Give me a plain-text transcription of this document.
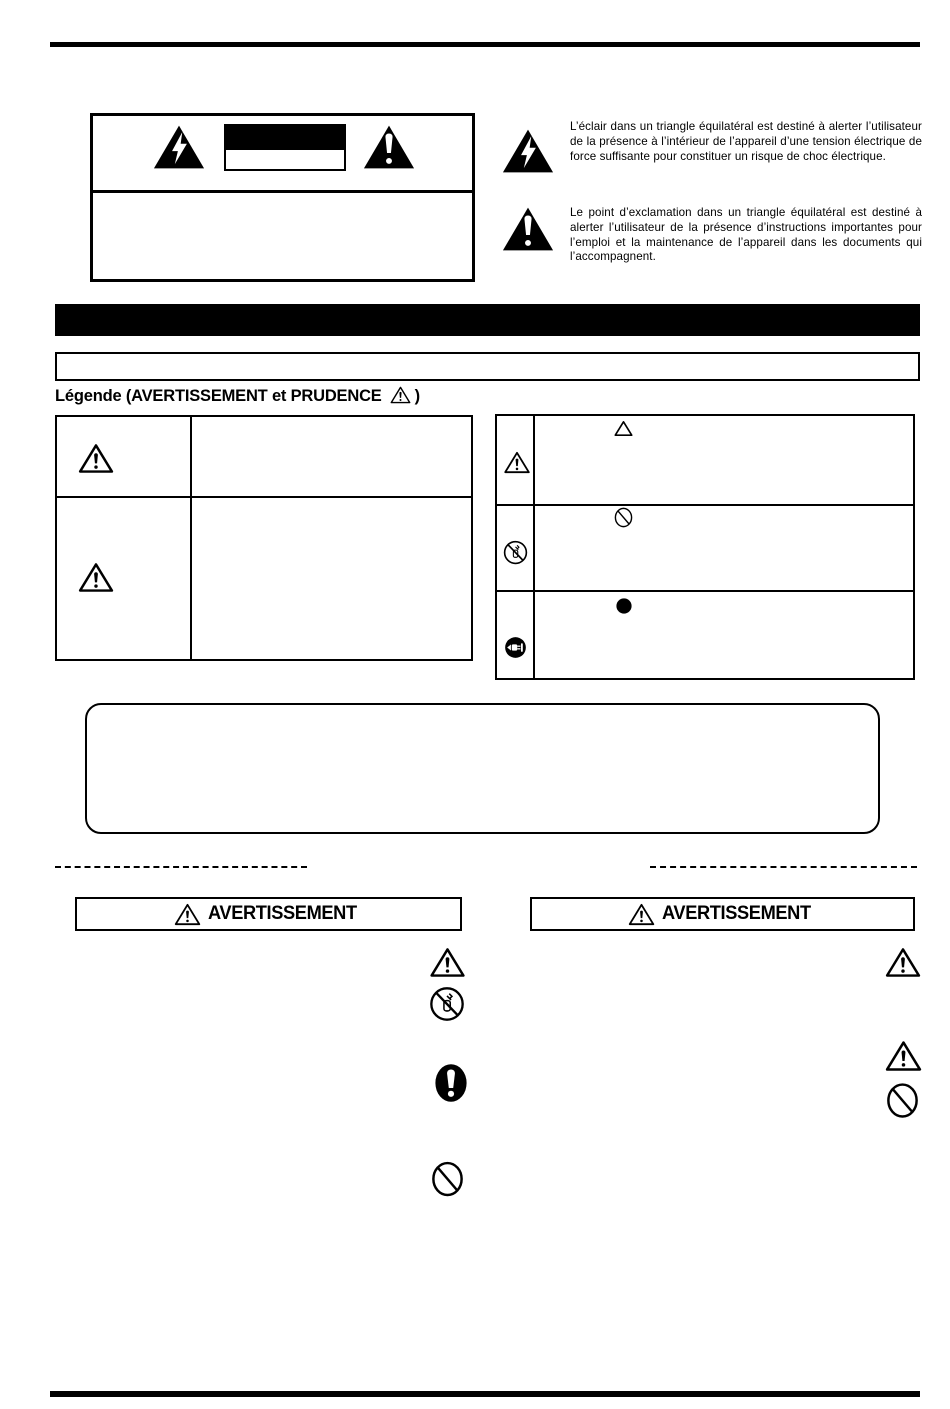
L’éclair dans un triangle équilatéral est destiné à alerter l’utilisateur de la présence à l’intérieur de l’appareil d’une tension électrique de force suffisante pour constituer un risque de choc électrique.
Le point d’exclamation dans un triangle équilatéral est destiné à alerter l’utilisateur de la présence d’instructions importantes pour l’emploi et la maintenance de l’appareil dans les documents qui l’accompagnent.
Légende (AVERTISSEMENT et PRUDENCE )
AVERTISSEMENT	AVERTISSEMENT
